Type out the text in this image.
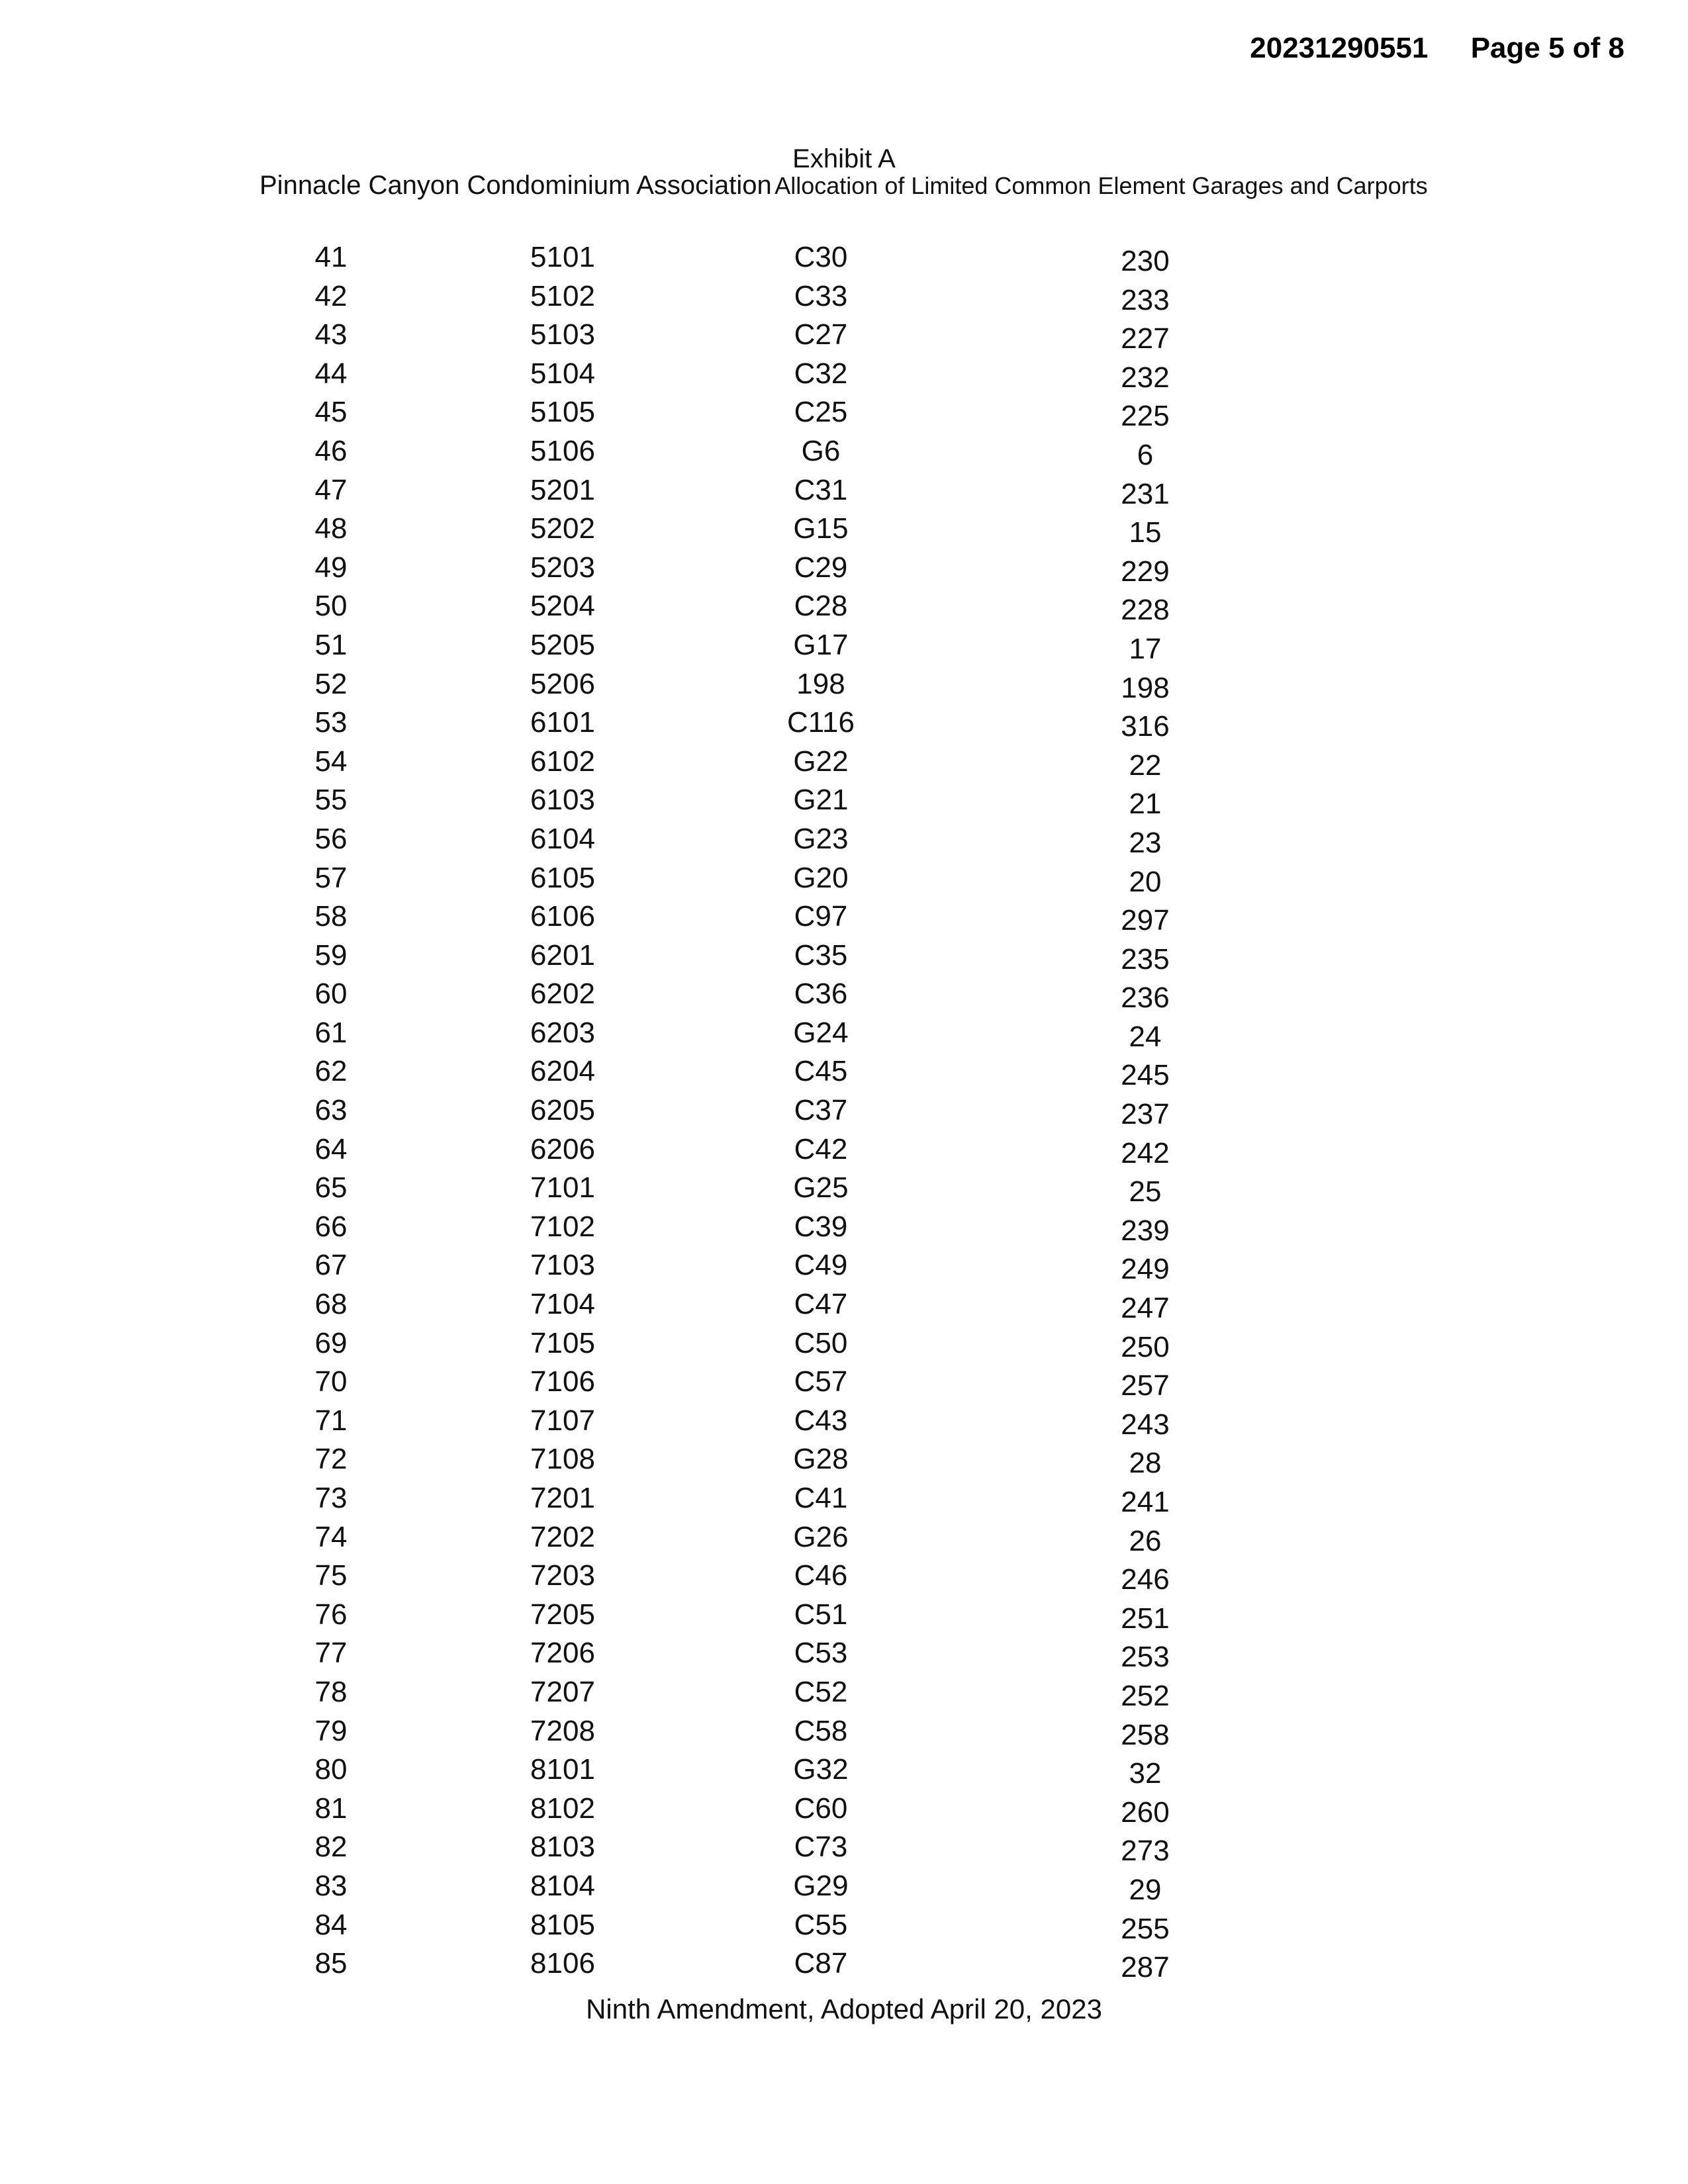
20231290551 Page 5 of 8
Exhibit A
Pinnacle Canyon Condominium Association Allocation of Limited Common Element Garages and Carports
41	5101	C30	230
42	5102	C33	233
43	5103	C27	227
44	5104	C32	232
45	5105	C25	225
46	5106	G6	6
47	5201	C31	231
48	5202	G15	15
49	5203	C29	229
50	5204	C28	228
51	5205	G17	17
52	5206	198	198
53	6101	C116	316
54	6102	G22	22
55	6103	G21	21
56	6104	G23	23
57	6105	G20	20
58	6106	C97	297
59	6201	C35	235
60	6202	C36	236
61	6203	G24	24
62	6204	C45	245
63	6205	C37	237
64	6206	C42	242
65	7101	G25	25
66	7102	C39	239
67	7103	C49	249
68	7104	C47	247
69	7105	C50	250
70	7106	C57	257
71	7107	C43	243
72	7108	G28	28
73	7201	C41	241
74	7202	G26	26
75	7203	C46	246
76	7205	C51	251
77	7206	C53	253
78	7207	C52	252
79	7208	C58	258
80	8101	G32	32
81	8102	C60	260
82	8103	C73	273
83	8104	G29	29
84	8105	C55	255
85	8106	C87	287
Ninth Amendment, Adopted April 20, 2023
